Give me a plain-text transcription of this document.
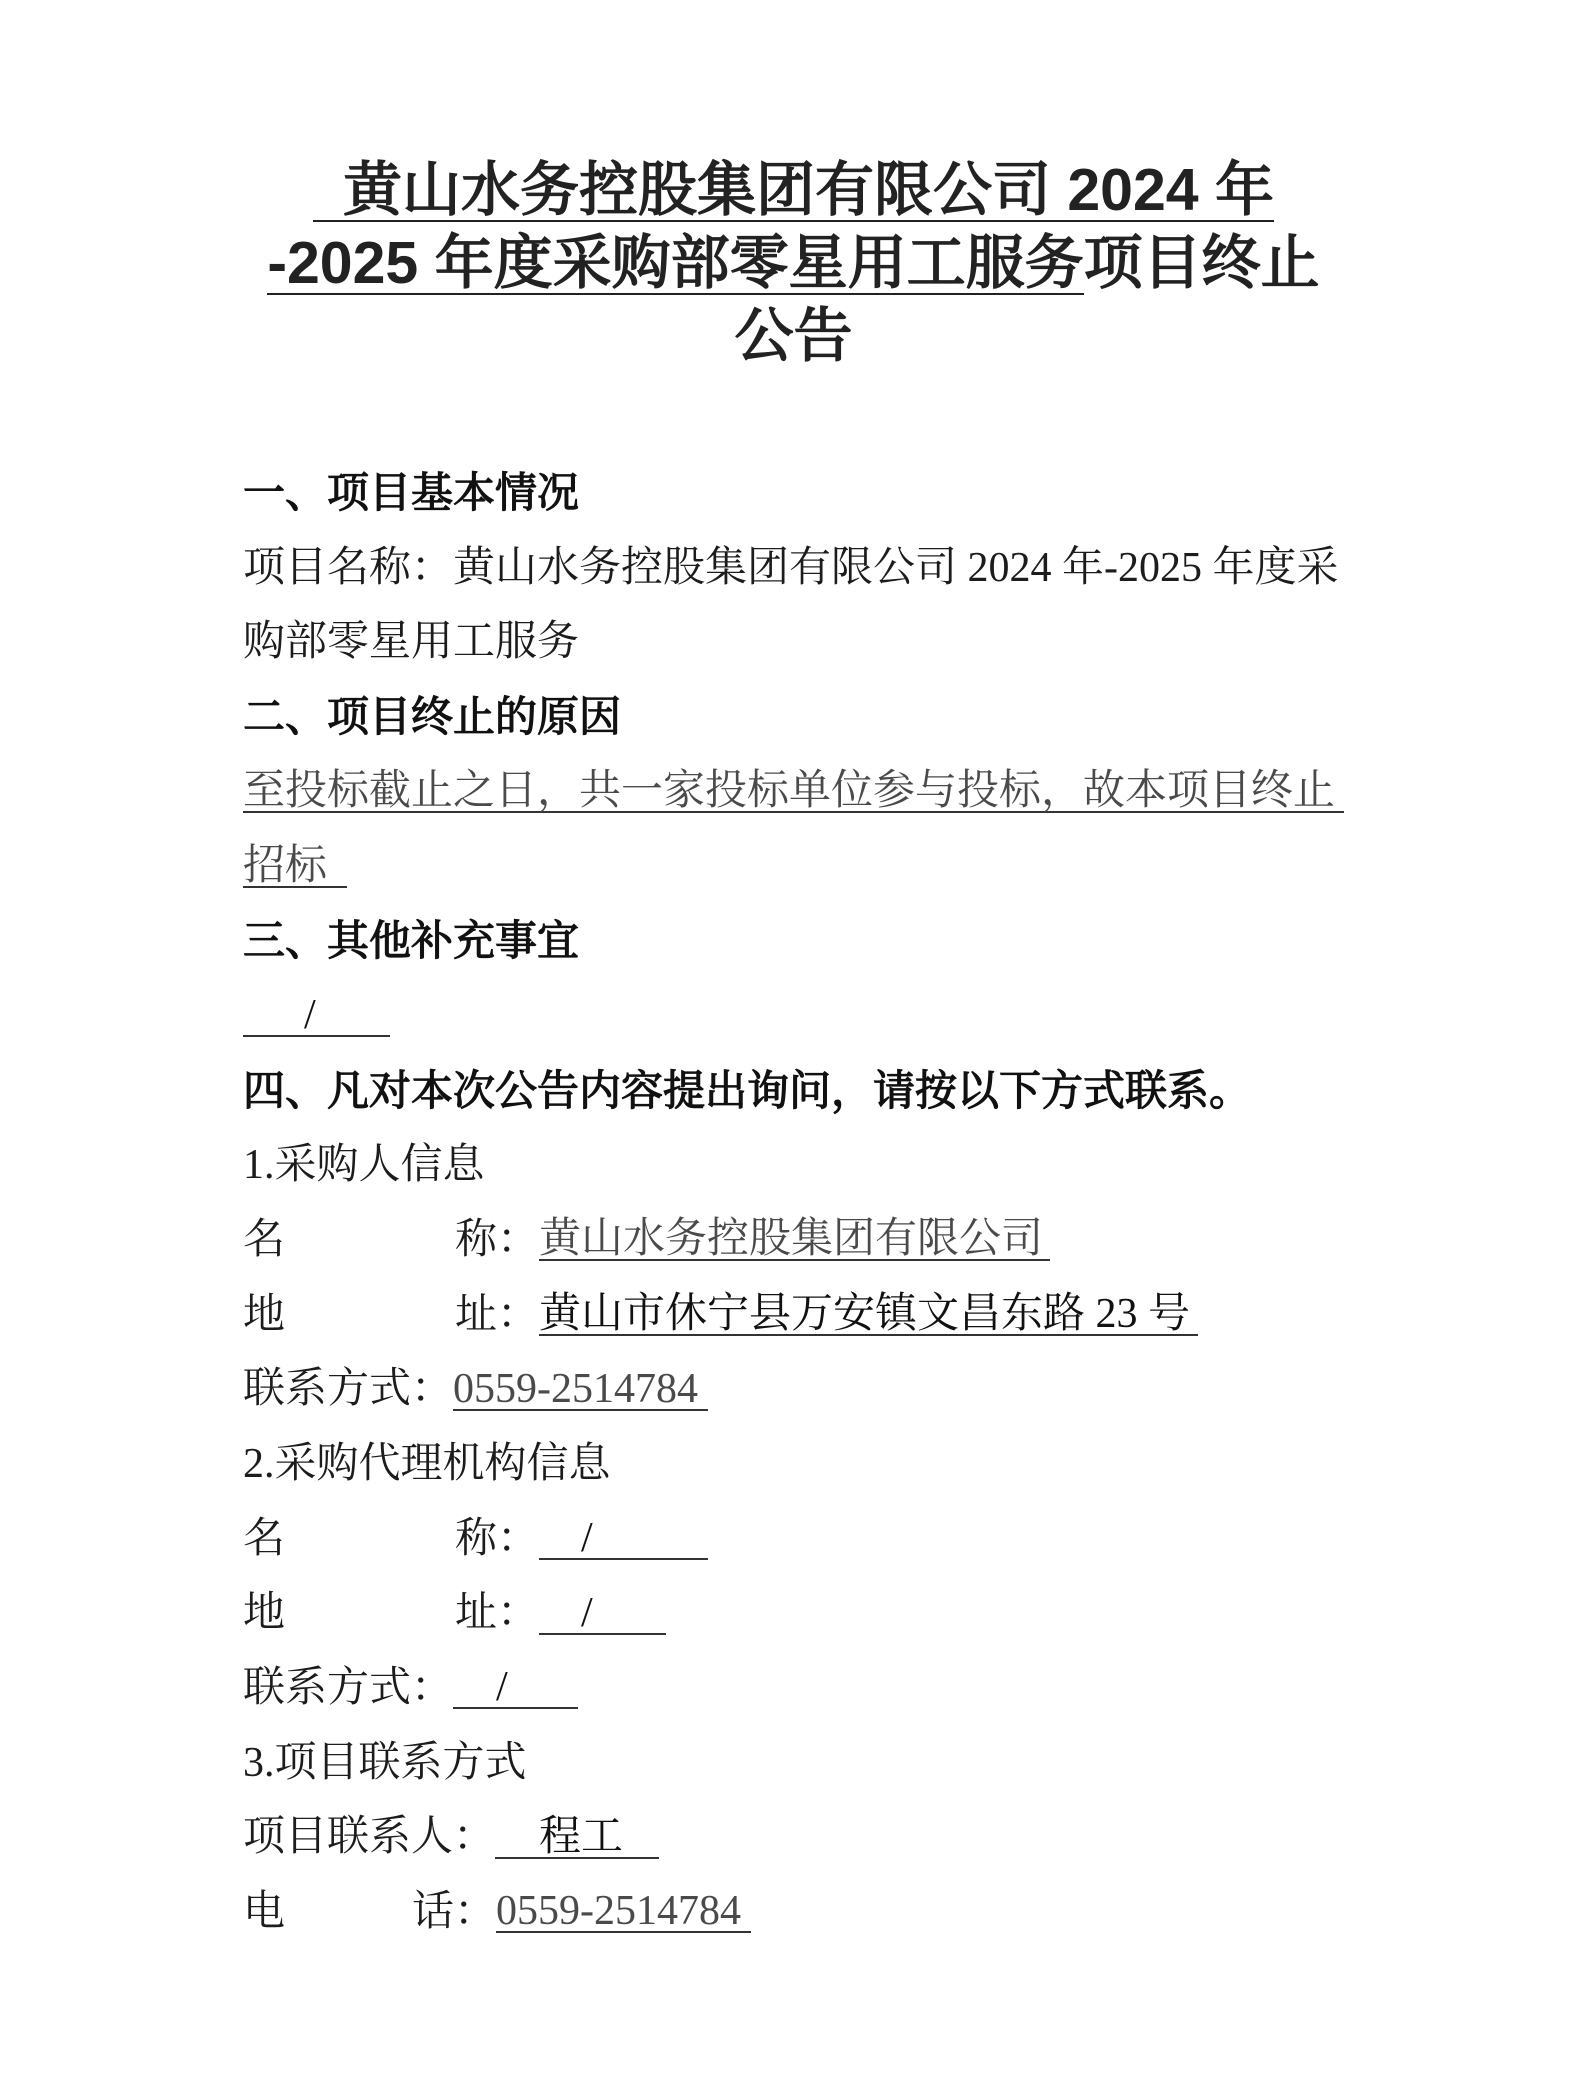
黄山水务控股集团有限公司 2024 年
-2025 年度采购部零星用工服务项目终止
公告
一、项目基本情况
项目名称：黄山水务控股集团有限公司 2024 年-2025 年度采
购部零星用工服务
二、项目终止的原因
至投标截止之日，共一家投标单位参与投标，故本项目终止
招标
三、其他补充事宜
/
四、凡对本次公告内容提出询问，请按以下方式联系。
1.采购人信息
名	称： 黄山水务控股集团有限公司
地	址： 黄山市休宁县万安镇文昌东路 23 号
联系方式： 0559-2514784
2.采购代理机构信息
名	称：	/
地	址：	/
联系方式：	/
3.项目联系方式
项目联系人：	程工
电	话： 0559-2514784
